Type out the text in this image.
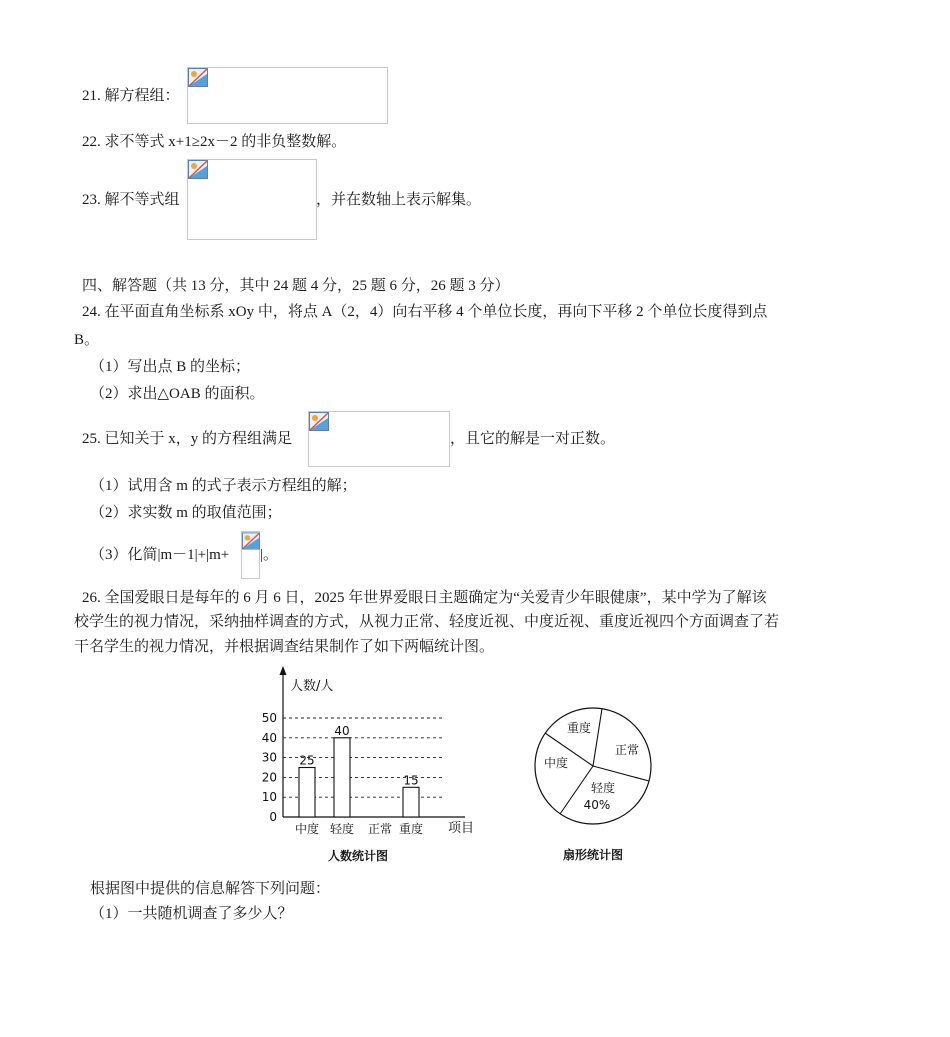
21. 解方程组：
22. 求不等式 x+1≥2x－2 的非负整数解。
23. 解不等式组	，并在数轴上表示解集。
四、解答题（共 13 分，其中 24 题 4 分，25 题 6 分，26 题 3 分）
24. 在平面直角坐标系 xOy 中，将点 A（2，4）向右平移 4 个单位长度，再向下平移 2 个单位长度得到点
B。
（1）写出点 B 的坐标；
（2）求出△OAB 的面积。
25. 已知关于 x，y 的方程组满足	，且它的解是一对正数。
（1）试用含 m 的式子表示方程组的解；
（2）求实数 m 的取值范围；
（3）化简|m－1|+|m+ |。
26. 全国爱眼日是每年的 6 月 6 日，2025 年世界爱眼日主题确定为“关爱青少年眼健康”，某中学为了解该
校学生的视力情况，采纳抽样调查的方式，从视力正常、轻度近视、中度近视、重度近视四个方面调查了若
干名学生的视力情况，并根据调查结果制作了如下两幅统计图。
人数/人
项目
人数统计图
0
10
20
30
40
50
25
40
15
中度 轻度 正常 重度
重度
正常
中度
轻度
40%
扇形统计图
根据图中提供的信息解答下列问题：
（1）一共随机调查了多少人？
